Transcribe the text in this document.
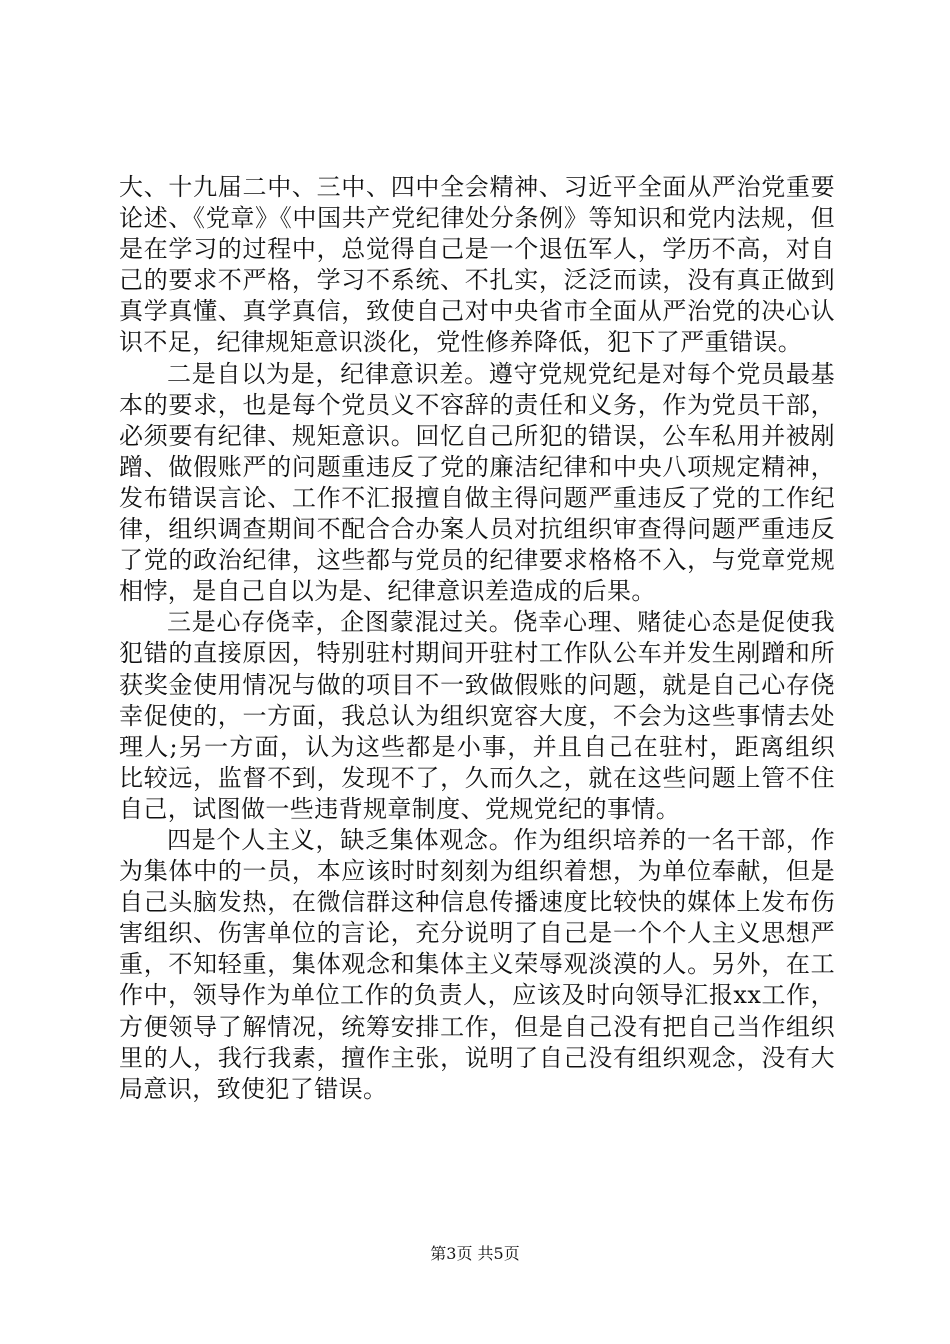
大、十九届二中、三中、四中全会精神、习近平全面从严治党重要论述、《党章》《中国共产党纪律处分条例》等知识和党内法规，但是在学习的过程中，总觉得自己是一个退伍军人，学历不高，对自己的要求不严格，学习不系统、不扎实，泛泛而读，没有真正做到真学真懂、真学真信，致使自己对中央省市全面从严治党的决心认识不足，纪律规矩意识淡化，党性修养降低，犯下了严重错误。

二是自以为是，纪律意识差。遵守党规党纪是对每个党员最基本的要求，也是每个党员义不容辞的责任和义务，作为党员干部，必须要有纪律、规矩意识。回忆自己所犯的错误，公车私用并被剐蹭、做假账严的问题重违反了党的廉洁纪律和中央八项规定精神，发布错误言论、工作不汇报擅自做主得问题严重违反了党的工作纪律，组织调查期间不配合合办案人员对抗组织审查得问题严重违反了党的政治纪律，这些都与党员的纪律要求格格不入，与党章党规相悖，是自己自以为是、纪律意识差造成的后果。

三是心存侥幸，企图蒙混过关。侥幸心理、赌徒心态是促使我犯错的直接原因，特别驻村期间开驻村工作队公车并发生剐蹭和所获奖金使用情况与做的项目不一致做假账的问题，就是自己心存侥幸促使的，一方面，我总认为组织宽容大度，不会为这些事情去处理人;另一方面，认为这些都是小事，并且自己在驻村，距离组织比较远，监督不到，发现不了，久而久之，就在这些问题上管不住自己，试图做一些违背规章制度、党规党纪的事情。

四是个人主义，缺乏集体观念。作为组织培养的一名干部，作为集体中的一员，本应该时时刻刻为组织着想，为单位奉献，但是自己头脑发热，在微信群这种信息传播速度比较快的媒体上发布伤害组织、伤害单位的言论，充分说明了自己是一个个人主义思想严重，不知轻重，集体观念和集体主义荣辱观淡漠的人。另外，在工作中，领导作为单位工作的负责人，应该及时向领导汇报xx工作，方便领导了解情况，统筹安排工作，但是自己没有把自己当作组织里的人，我行我素，擅作主张，说明了自己没有组织观念，没有大局意识，致使犯了错误。

第3页 共5页
